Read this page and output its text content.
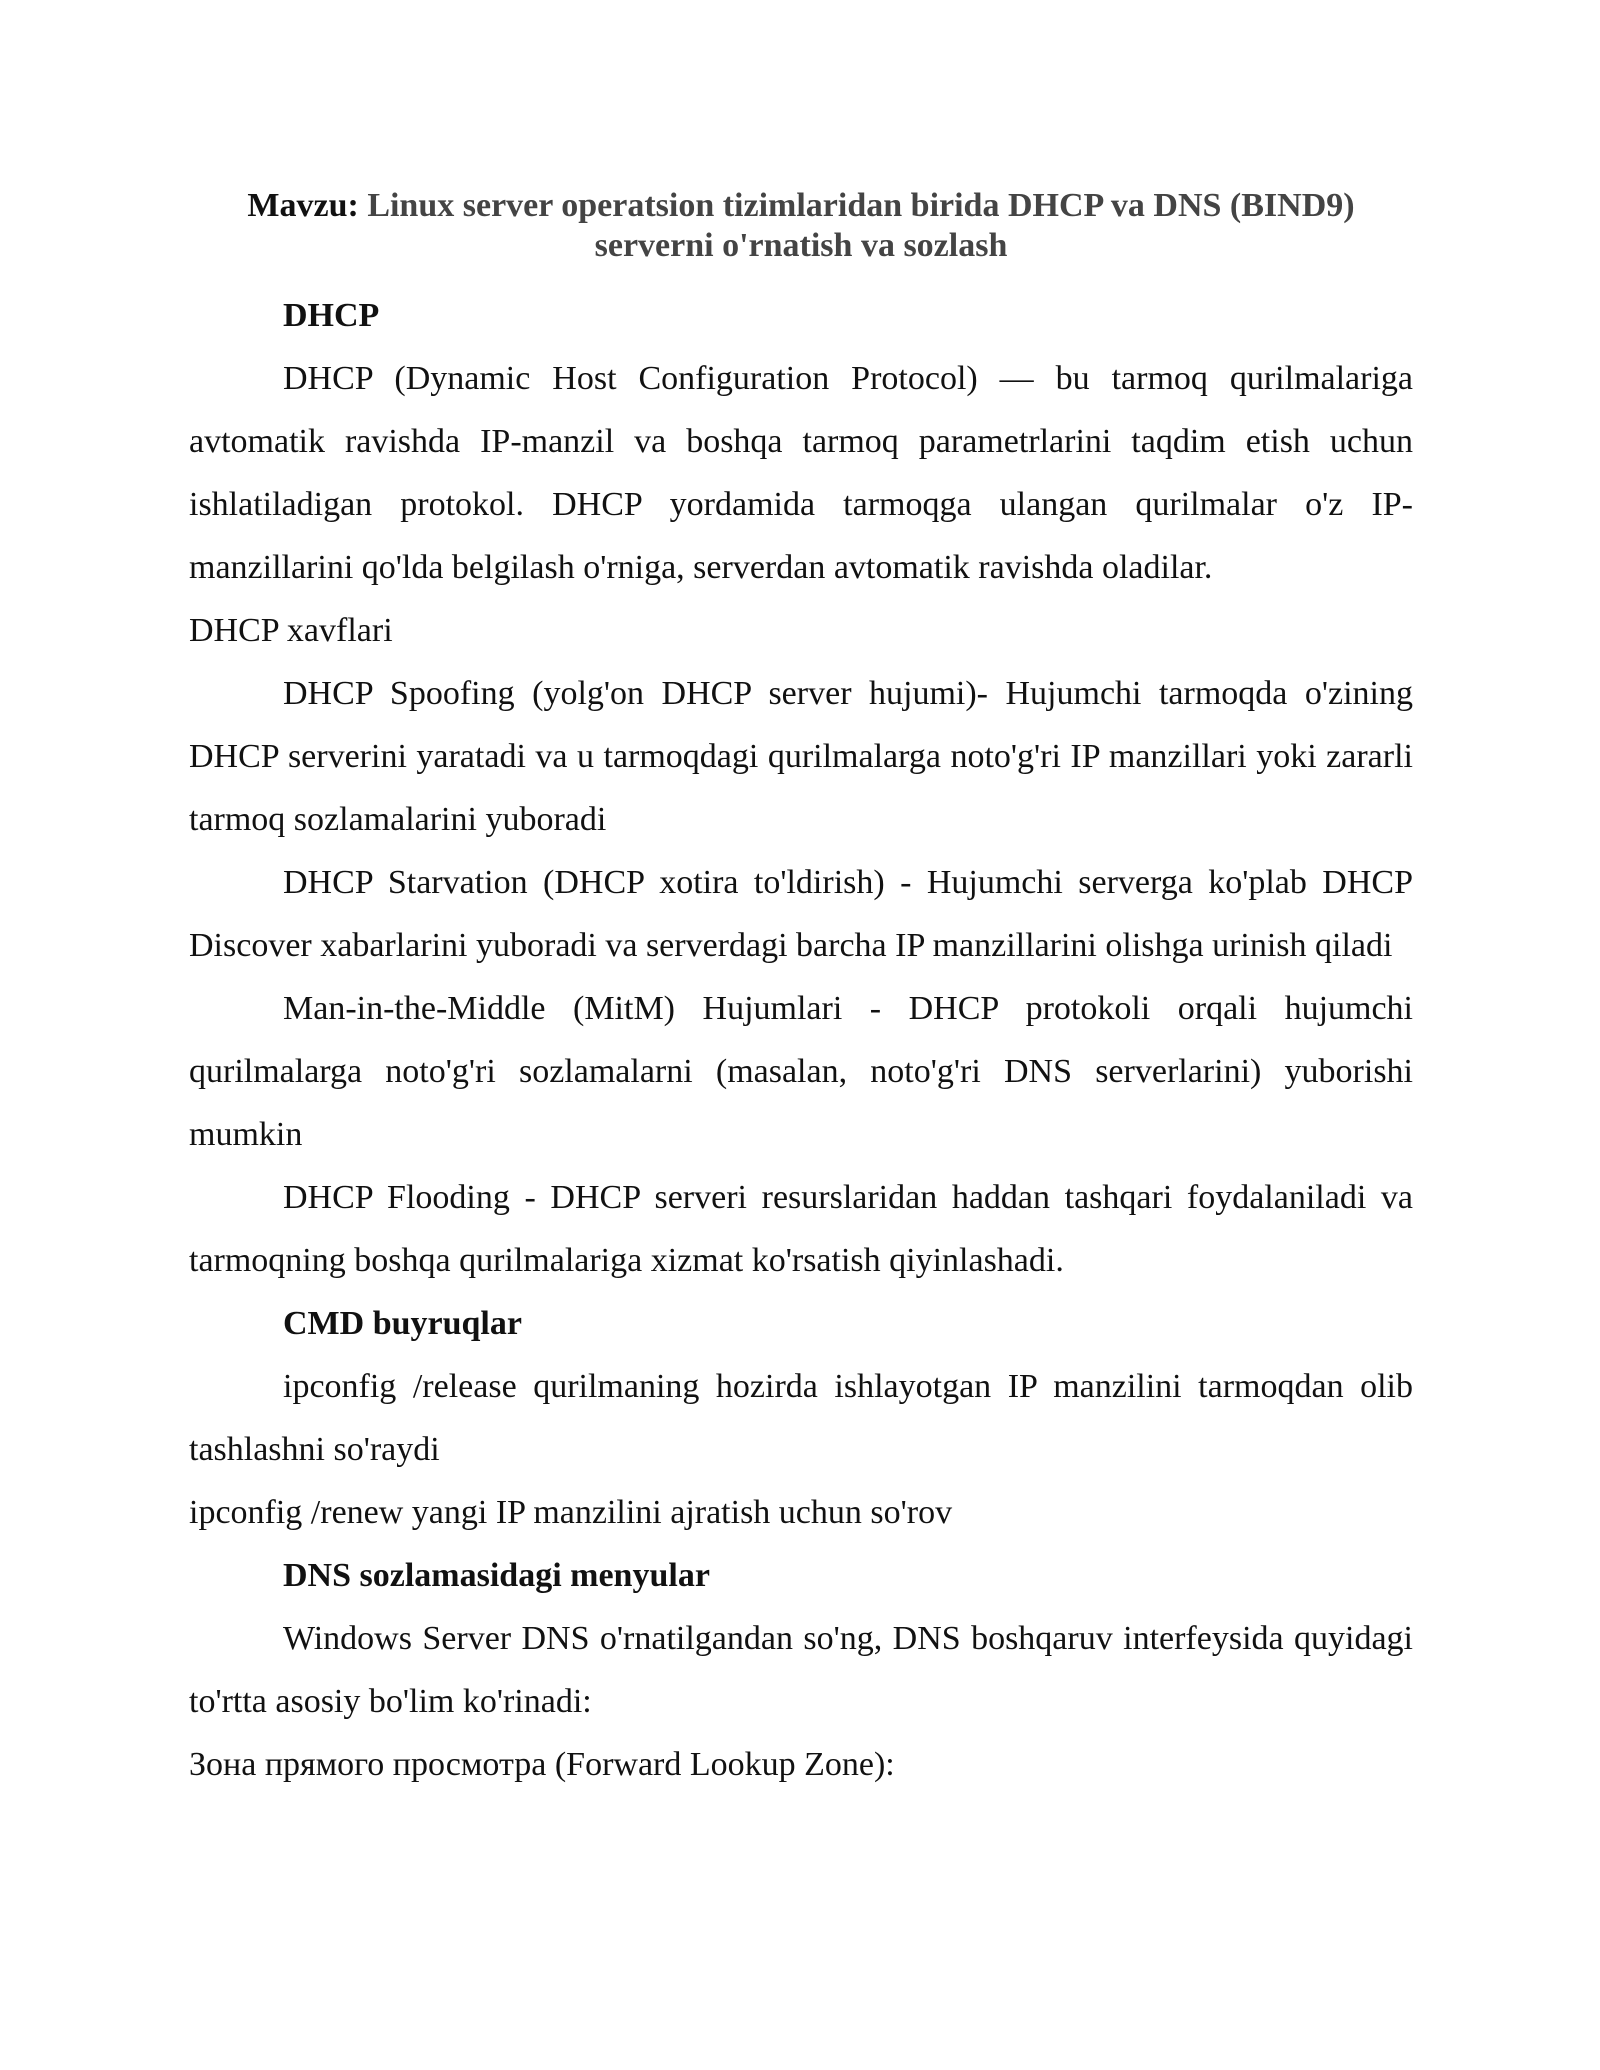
Mavzu: Linux server operatsion tizimlaridan birida DHCP va DNS (BIND9)
serverni o'rnatish va sozlash

DHCP

DHCP (Dynamic Host Configuration Protocol) — bu tarmoq qurilmalariga avtomatik ravishda IP-manzil va boshqa tarmoq parametrlarini taqdim etish uchun ishlatiladigan protokol. DHCP yordamida tarmoqga ulangan qurilmalar o'z IP-manzillarini qo'lda belgilash o'rniga, serverdan avtomatik ravishda oladilar.

DHCP xavflari

DHCP Spoofing (yolg'on DHCP server hujumi)- Hujumchi tarmoqda o'zining DHCP serverini yaratadi va u tarmoqdagi qurilmalarga noto'g'ri IP manzillari yoki zararli tarmoq sozlamalarini yuboradi

DHCP Starvation (DHCP xotira to'ldirish) - Hujumchi serverga ko'plab DHCP Discover xabarlarini yuboradi va serverdagi barcha IP manzillarini olishga urinish qiladi

Man-in-the-Middle (MitM) Hujumlari - DHCP protokoli orqali hujumchi qurilmalarga noto'g'ri sozlamalarni (masalan, noto'g'ri DNS serverlarini) yuborishi mumkin

DHCP Flooding - DHCP serveri resurslaridan haddan tashqari foydalaniladi va tarmoqning boshqa qurilmalariga xizmat ko'rsatish qiyinlashadi.

CMD buyruqlar

ipconfig /release qurilmaning hozirda ishlayotgan IP manzilini tarmoqdan olib tashlashni so'raydi

ipconfig /renew yangi IP manzilini ajratish uchun so'rov

DNS sozlamasidagi menyular

Windows Server DNS o'rnatilgandan so'ng, DNS boshqaruv interfeysida quyidagi to'rtta asosiy bo'lim ko'rinadi:

Зона прямого просмотра (Forward Lookup Zone):
